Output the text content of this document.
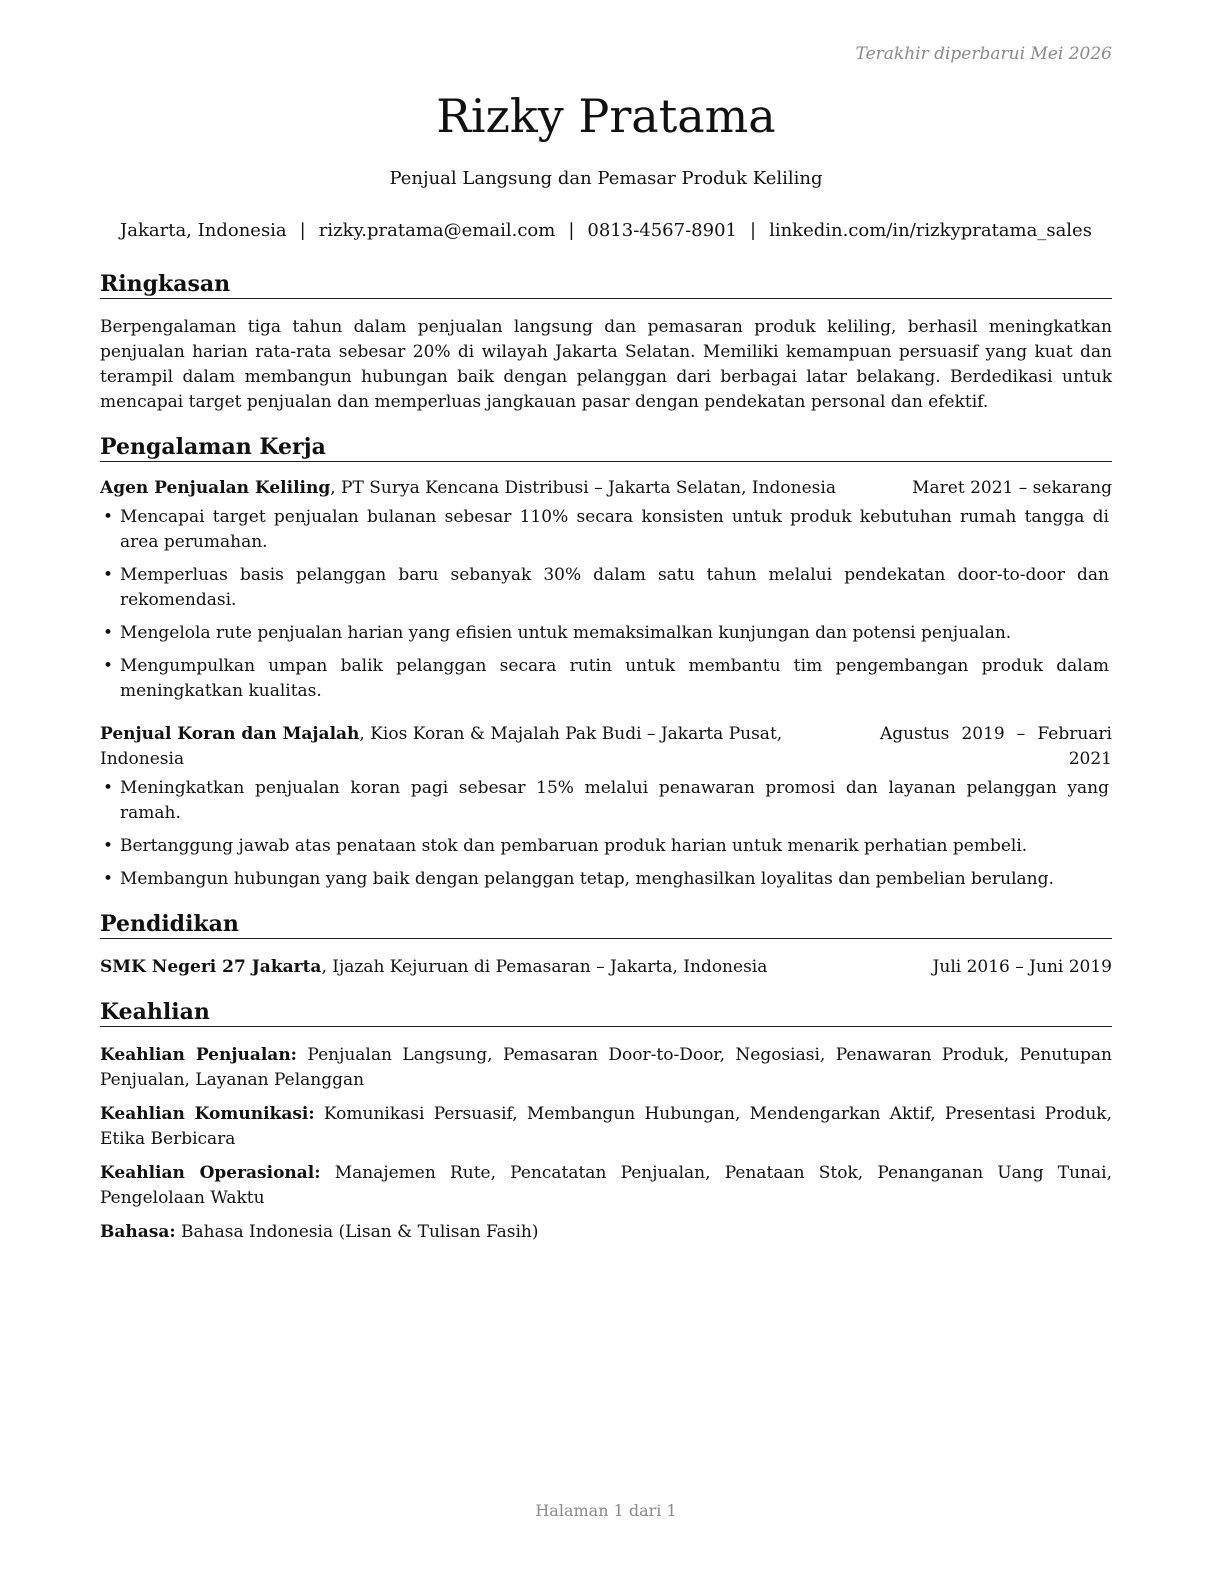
Terakhir diperbarui Mei 2026
Rizky Pratama
Penjual Langsung dan Pemasar Produk Keliling
Jakarta, Indonesia | rizky.pratama@email.com | 0813-4567-8901 | linkedin.com/in/rizkypratama_sales
Ringkasan

Berpengalaman tiga tahun dalam penjualan langsung dan pemasaran produk keliling, berhasil meningkatkan penjualan harian rata-rata sebesar 20% di wilayah Jakarta Selatan. Memiliki kemampuan persuasif yang kuat dan terampil dalam membangun hubungan baik dengan pelanggan dari berbagai latar belakang. Berdedikasi untuk mencapai target penjualan dan memperluas jangkauan pasar dengan pendekatan personal dan efektif.

Pengalaman Kerja
Agen Penjualan Keliling, PT Surya Kencana Distribusi – Jakarta Selatan, Indonesia	Maret 2021 – sekarang
• Mencapai target penjualan bulanan sebesar 110% secara konsisten untuk produk kebutuhan rumah tangga di area perumahan.
• Memperluas basis pelanggan baru sebanyak 30% dalam satu tahun melalui pendekatan door-to-door dan rekomendasi.
• Mengelola rute penjualan harian yang efisien untuk memaksimalkan kunjungan dan potensi penjualan.
• Mengumpulkan umpan balik pelanggan secara rutin untuk membantu tim pengembangan produk dalam meningkatkan kualitas.
Penjual Koran dan Majalah, Kios Koran & Majalah Pak Budi – Jakarta Pusat, Indonesia
Agustus 2019 – Februari 2021
• Meningkatkan penjualan koran pagi sebesar 15% melalui penawaran promosi dan layanan pelanggan yang ramah.
• Bertanggung jawab atas penataan stok dan pembaruan produk harian untuk menarik perhatian pembeli.
• Membangun hubungan yang baik dengan pelanggan tetap, menghasilkan loyalitas dan pembelian berulang.
Pendidikan
SMK Negeri 27 Jakarta, Ijazah Kejuruan di Pemasaran – Jakarta, Indonesia	Juli 2016 – Juni 2019
Keahlian

Keahlian Penjualan: Penjualan Langsung, Pemasaran Door-to-Door, Negosiasi, Penawaran Produk, Penutupan Penjualan, Layanan Pelanggan

Keahlian Komunikasi: Komunikasi Persuasif, Membangun Hubungan, Mendengarkan Aktif, Presentasi Produk, Etika Berbicara

Keahlian Operasional: Manajemen Rute, Pencatatan Penjualan, Penataan Stok, Penanganan Uang Tunai, Pengelolaan Waktu

Bahasa: Bahasa Indonesia (Lisan & Tulisan Fasih)

Halaman 1 dari 1
